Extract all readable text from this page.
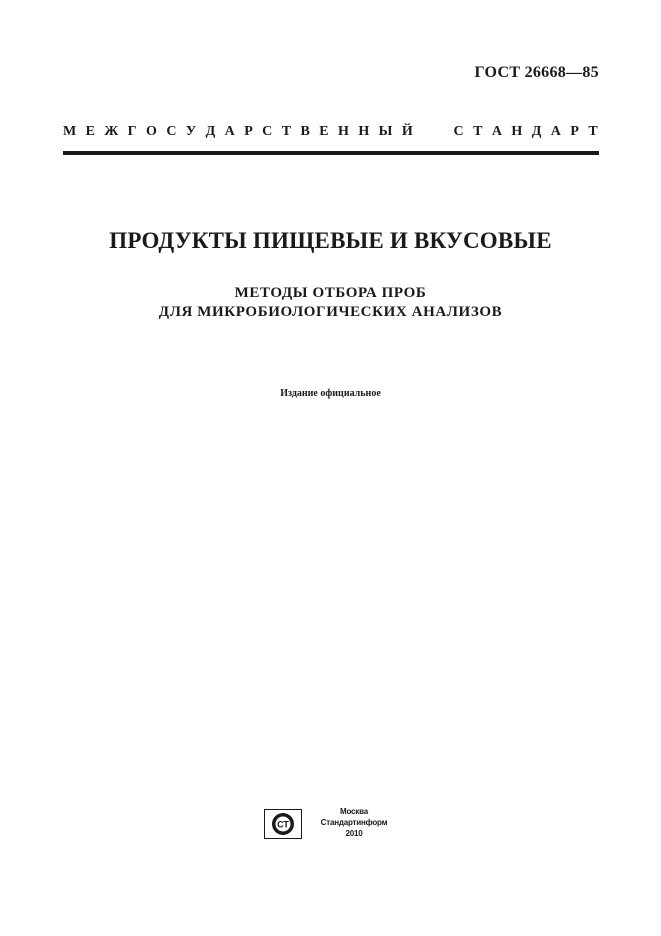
ГОСТ 26668—85
М Е Ж Г О С У Д А Р С Т В Е Н Н Ы Й	С Т А Н Д А Р Т
ПРОДУКТЫ ПИЩЕВЫЕ И ВКУСОВЫЕ
МЕТОДЫ ОТБОРА ПРОБ
ДЛЯ МИКРОБИОЛОГИЧЕСКИХ АНАЛИЗОВ
Издание официальное
СТ
Москва
Стандартинформ
2010
